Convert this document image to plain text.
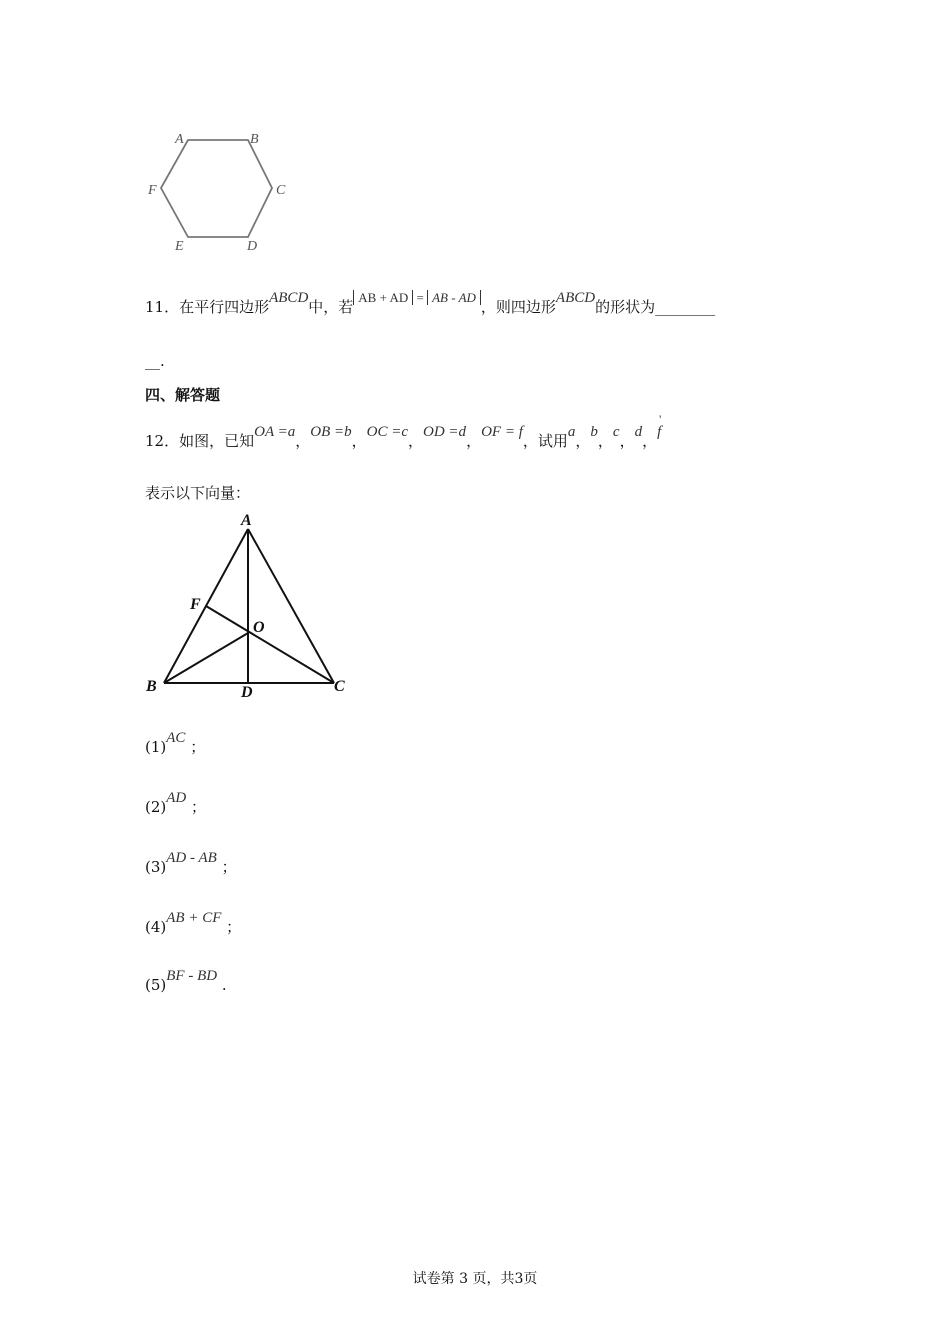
A	B
C
D
E
F
11．在平行四边形ABCD中，若AB + AD = AB - AD，则四边形ABCD的形状为________
__.
四、解答题
12．如图，已知OA =a，OB =b，OC =c，OD =d，OF = f，试用a，b，c，d，
'
f
表示以下向量：
A
F
O
B	D	C
(1)AC ；
(2)AD ；
(3)AD - AB ；
(4)AB + CF ；
(5)BF - BD .
试卷第 3 页，共3页
